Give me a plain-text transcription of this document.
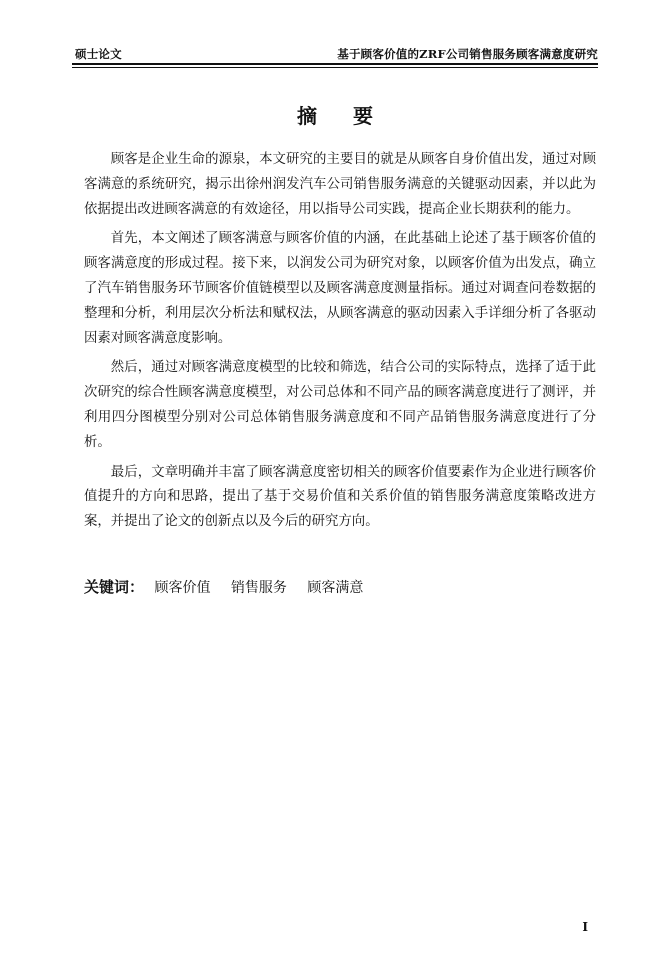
硕士论文	基于顾客价值的ZRF公司销售服务顾客满意度研究
摘要

顾客是企业生命的源泉，本文研究的主要目的就是从顾客自身价值出发，通过对顾客满意的系统研究，揭示出徐州润发汽车公司销售服务满意的关键驱动因素，并以此为依据提出改进顾客满意的有效途径，用以指导公司实践，提高企业长期获利的能力。

首先，本文阐述了顾客满意与顾客价值的内涵，在此基础上论述了基于顾客价值的顾客满意度的形成过程。接下来，以润发公司为研究对象，以顾客价值为出发点，确立了汽车销售服务环节顾客价值链模型以及顾客满意度测量指标。通过对调查问卷数据的整理和分析，利用层次分析法和赋权法，从顾客满意的驱动因素入手详细分析了各驱动因素对顾客满意度影响。

然后，通过对顾客满意度模型的比较和筛选，结合公司的实际特点，选择了适于此次研究的综合性顾客满意度模型，对公司总体和不同产品的顾客满意度进行了测评，并利用四分图模型分别对公司总体销售服务满意度和不同产品销售服务满意度进行了分析。

最后，文章明确并丰富了顾客满意度密切相关的顾客价值要素作为企业进行顾客价值提升的方向和思路，提出了基于交易价值和关系价值的销售服务满意度策略改进方案，并提出了论文的创新点以及今后的研究方向。

关键词： 顾客价值 销售服务 顾客满意
I
